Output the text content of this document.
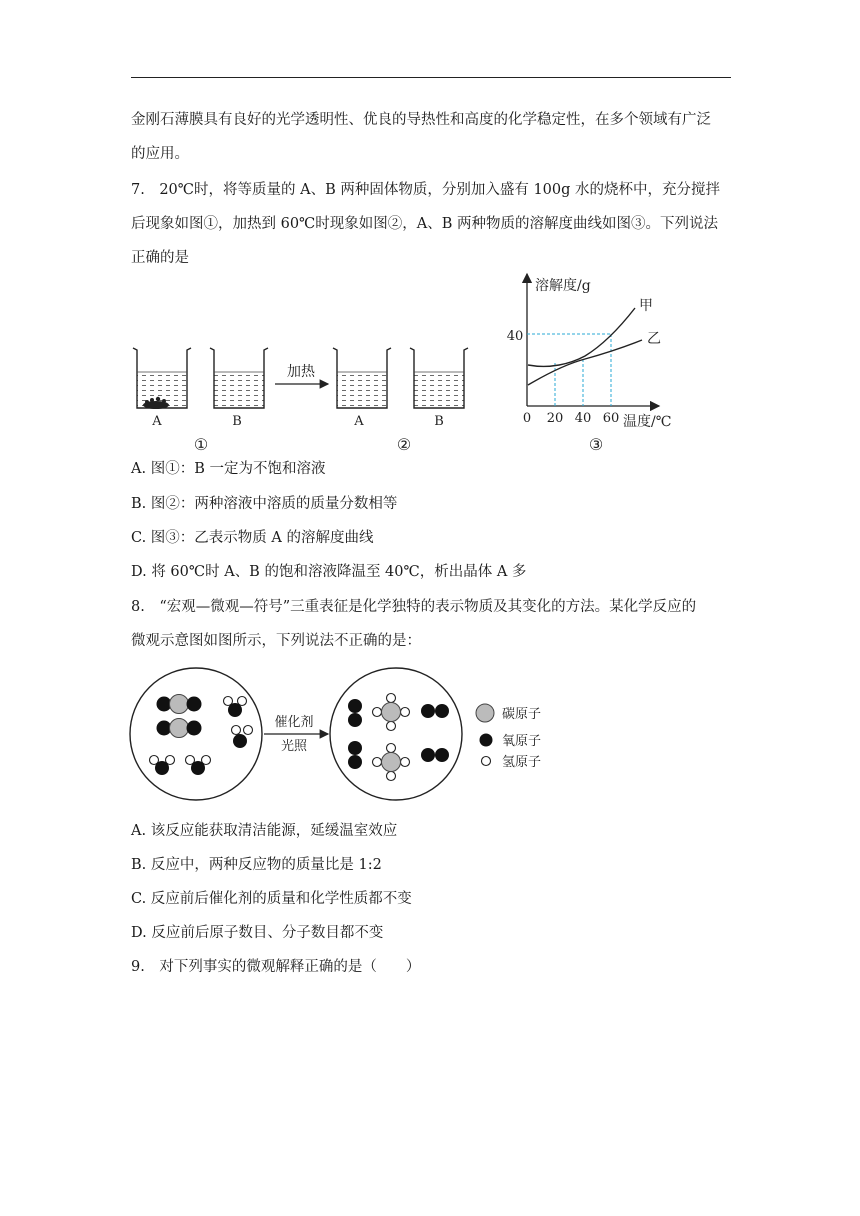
金刚石薄膜具有良好的光学透明性、优良的导热性和高度的化学稳定性，在多个领域有广泛
的应用。
7.　20℃时，将等质量的 A、B 两种固体物质，分别加入盛有 100g 水的烧杯中，充分搅拌
后现象如图①，加热到 60℃时现象如图②，A、B 两种物质的溶解度曲线如图③。下列说法
正确的是
加热
A	B	A	B
①	②	③
溶解度/g
温度/℃
40
0 20 40 60
甲
乙
A. 图①：B 一定为不饱和溶液
B. 图②：两种溶液中溶质的质量分数相等
C. 图③：乙表示物质 A 的溶解度曲线
D. 将 60℃时 A、B 的饱和溶液降温至 40℃，析出晶体 A 多
8.　“宏观—微观—符号”三重表征是化学独特的表示物质及其变化的方法。某化学反应的
微观示意图如图所示，下列说法不正确的是：
催化剂
光照
碳原子
氧原子
氢原子
A. 该反应能获取清洁能源，延缓温室效应
B. 反应中，两种反应物的质量比是 1:2
C. 反应前后催化剂的质量和化学性质都不变
D. 反应前后原子数目、分子数目都不变
9.　对下列事实的微观解释正确的是（　　）
